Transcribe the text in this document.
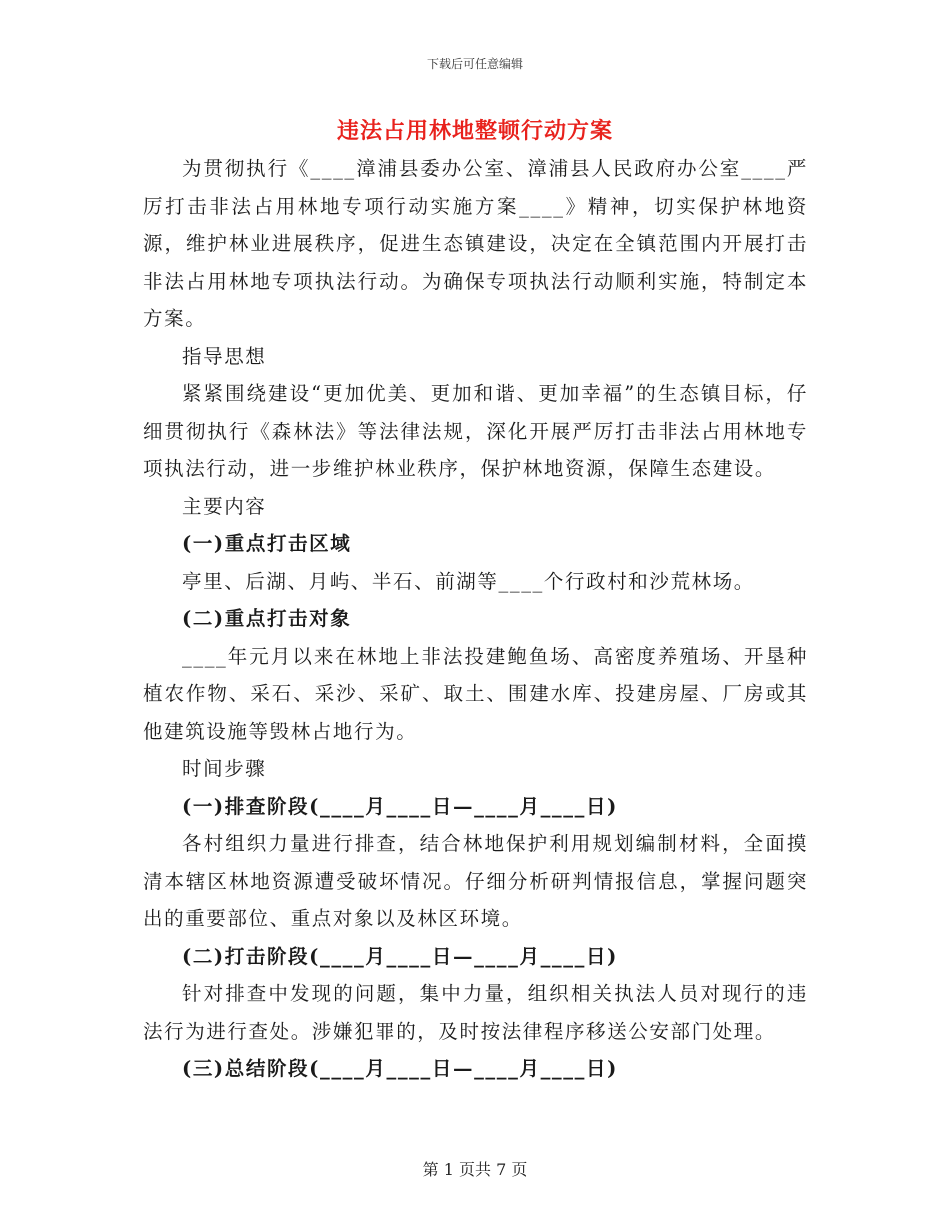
下载后可任意编辑
违法占用林地整顿行动方案

为贯彻执行《____漳浦县委办公室、漳浦县人民政府办公室____严厉打击非法占用林地专项行动实施方案____》精神，切实保护林地资源，维护林业进展秩序，促进生态镇建设，决定在全镇范围内开展打击非法占用林地专项执法行动。为确保专项执法行动顺利实施，特制定本方案。

指导思想

紧紧围绕建设“更加优美、更加和谐、更加幸福”的生态镇目标，仔细贯彻执行《森林法》等法律法规，深化开展严厉打击非法占用林地专项执法行动，进一步维护林业秩序，保护林地资源，保障生态建设。

主要内容

(一)重点打击区域

亭里、后湖、月屿、半石、前湖等____个行政村和沙荒林场。

(二)重点打击对象

____年元月以来在林地上非法投建鲍鱼场、高密度养殖场、开垦种植农作物、采石、采沙、采矿、取土、围建水库、投建房屋、厂房或其他建筑设施等毁林占地行为。

时间步骤

(一)排查阶段(____月____日—____月____日)

各村组织力量进行排查，结合林地保护利用规划编制材料，全面摸清本辖区林地资源遭受破坏情况。仔细分析研判情报信息，掌握问题突出的重要部位、重点对象以及林区环境。

(二)打击阶段(____月____日—____月____日)

针对排查中发现的问题，集中力量，组织相关执法人员对现行的违法行为进行查处。涉嫌犯罪的，及时按法律程序移送公安部门处理。

(三)总结阶段(____月____日—____月____日)

第 1 页共 7 页
